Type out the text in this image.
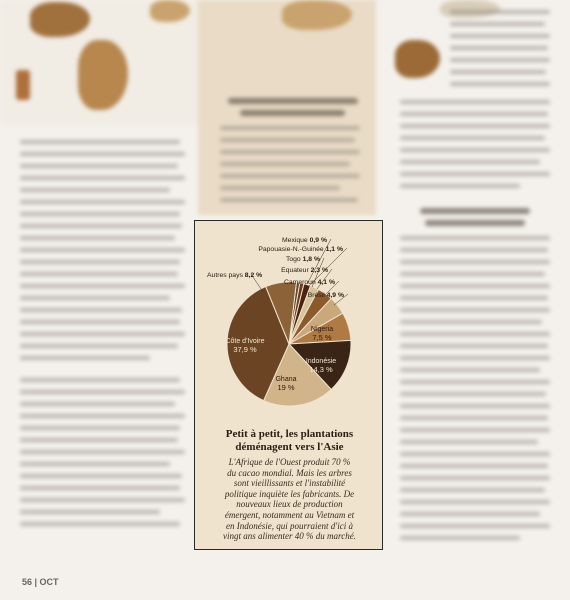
56 | OCT
Mexique 0,9 %
Papouasie-N.-Guinée 1,1 %
Togo 1,8 %
Equateur 2,3 %
Cameroun 4,1 %
Brésil 4,9 %
Nigeria
7,5 %
Indonésie
14,3 %
Ghana
19 %
Côte d'Ivoire
37,9 %
Autres pays 8,2 %
Petit à petit, les plantations
déménagent vers l'Asie
L'Afrique de l'Ouest produit 70 %
du cacao mondial. Mais les arbres
sont vieillissants et l'instabilité
politique inquiète les fabricants. De
nouveaux lieux de production
émergent, notamment au Vietnam et
en Indonésie, qui pourraient d'ici à
vingt ans alimenter 40 % du marché.
